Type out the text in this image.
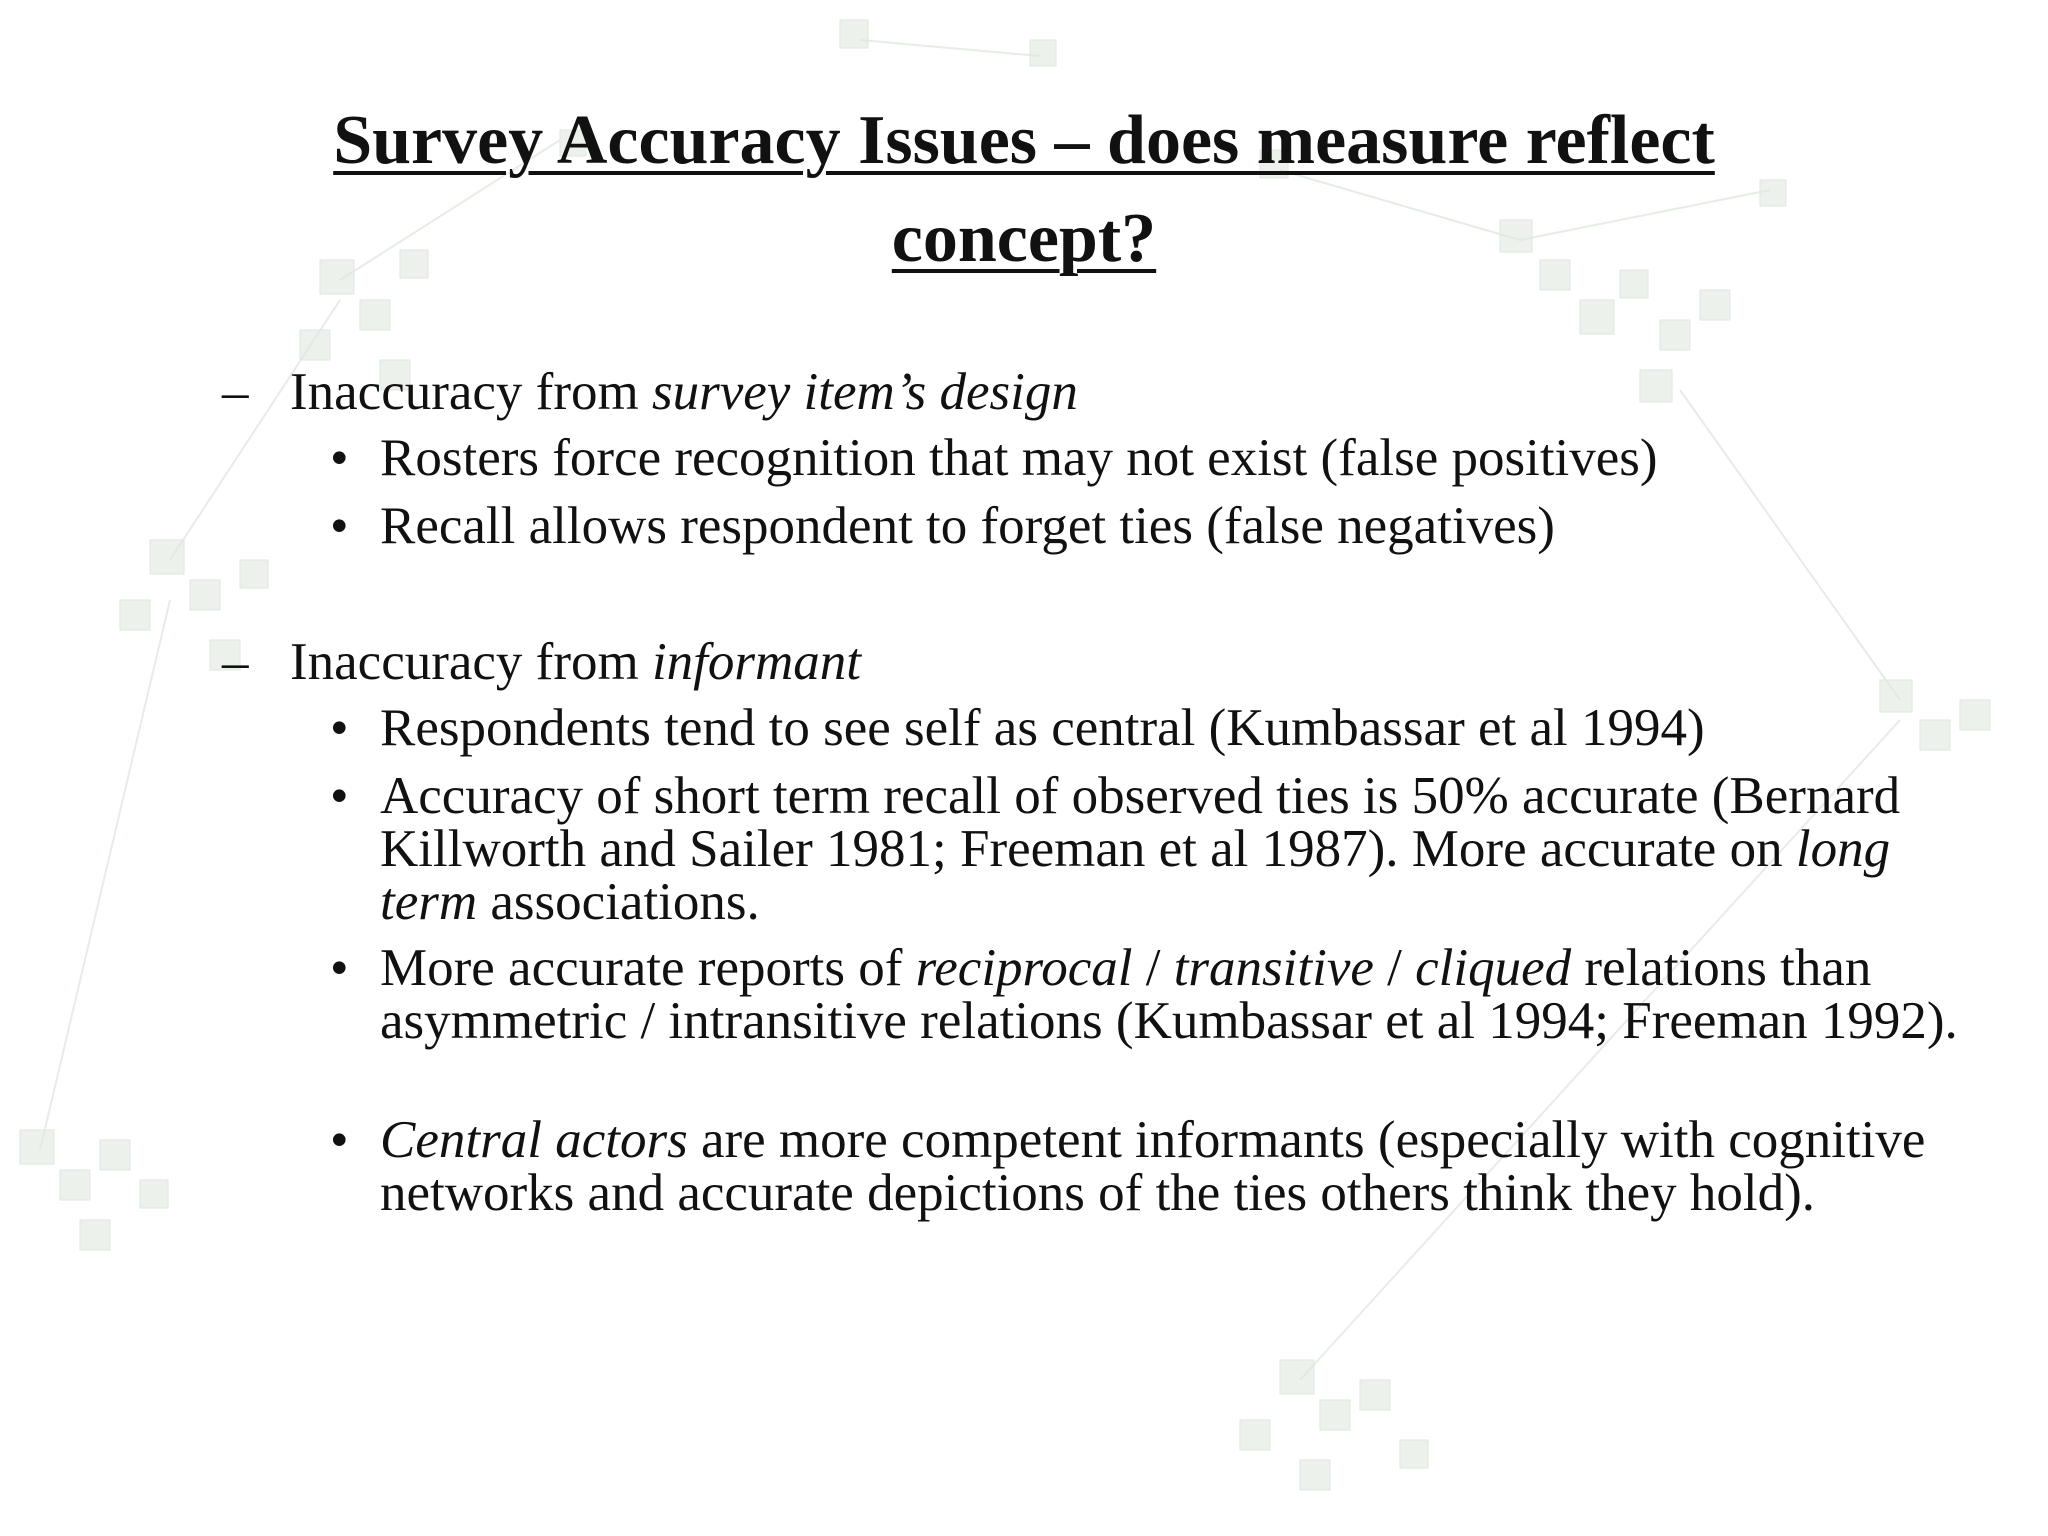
Survey Accuracy Issues – does measure reflect concept?
– Inaccuracy from survey item’s design
• Rosters force recognition that may not exist (false positives)
• Recall allows respondent to forget ties (false negatives)
– Inaccuracy from informant
• Respondents tend to see self as central (Kumbassar et al 1994)
• Accuracy of short term recall of observed ties is 50% accurate (Bernard Killworth and Sailer 1981; Freeman et al 1987). More accurate on long term associations.
• More accurate reports of reciprocal / transitive / cliqued relations than asymmetric / intransitive relations (Kumbassar et al 1994; Freeman 1992).
• Central actors are more competent informants (especially with cognitive networks and accurate depictions of the ties others think they hold).
